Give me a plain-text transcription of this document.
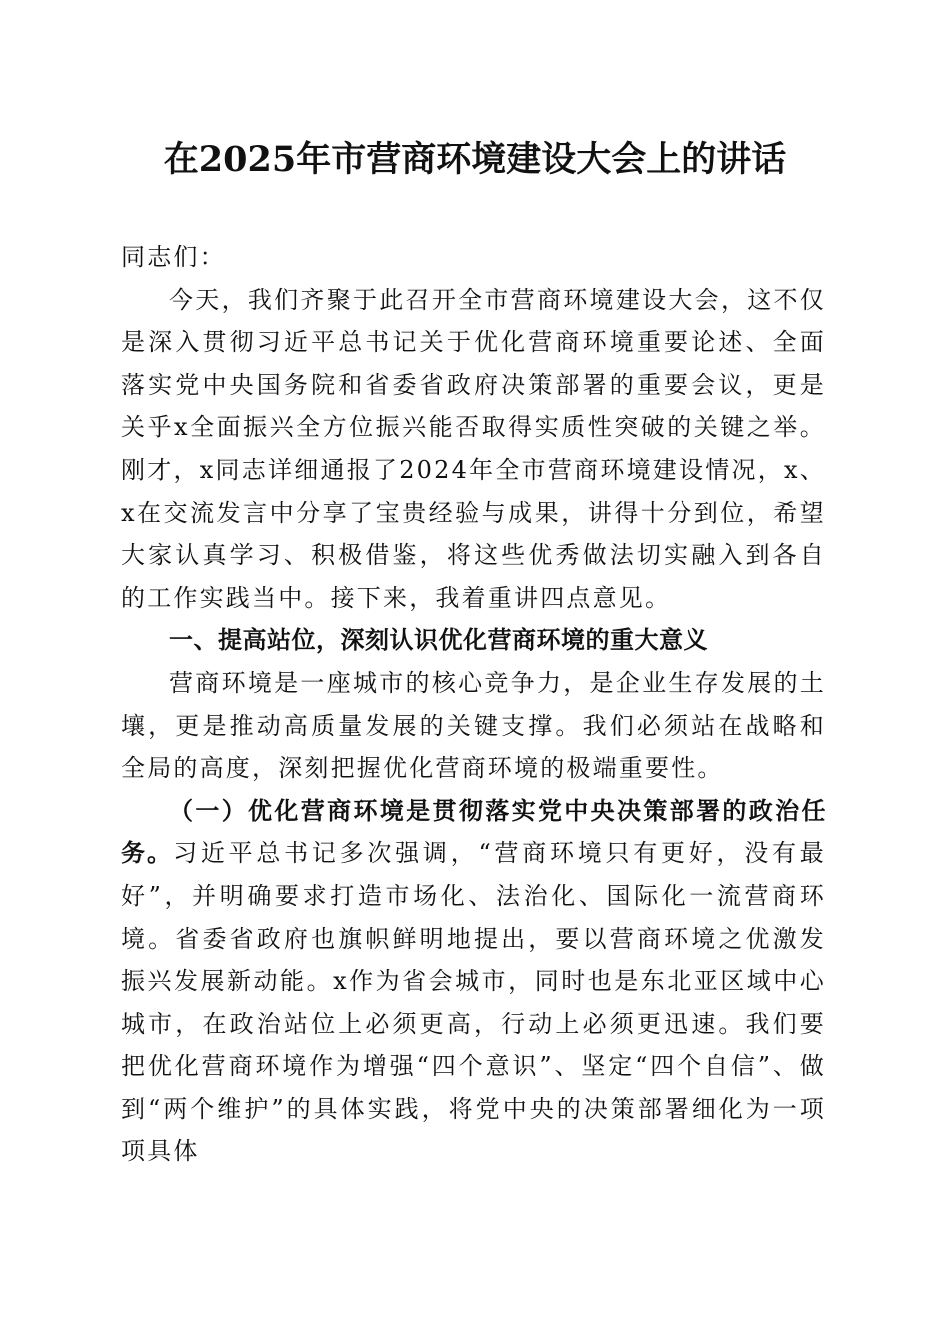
在2025年市营商环境建设大会上的讲话

同志们：

今天，我们齐聚于此召开全市营商环境建设大会，这不仅是深入贯彻习近平总书记关于优化营商环境重要论述、全面落实党中央国务院和省委省政府决策部署的重要会议，更是关乎x全面振兴全方位振兴能否取得实质性突破的关键之举。刚才，x同志详细通报了2024年全市营商环境建设情况，x、x在交流发言中分享了宝贵经验与成果，讲得十分到位，希望大家认真学习、积极借鉴，将这些优秀做法切实融入到各自的工作实践当中。接下来，我着重讲四点意见。

一、提高站位，深刻认识优化营商环境的重大意义

营商环境是一座城市的核心竞争力，是企业生存发展的土壤，更是推动高质量发展的关键支撑。我们必须站在战略和全局的高度，深刻把握优化营商环境的极端重要性。

（一）优化营商环境是贯彻落实党中央决策部署的政治任务。习近平总书记多次强调，“营商环境只有更好，没有最好”，并明确要求打造市场化、法治化、国际化一流营商环境。省委省政府也旗帜鲜明地提出，要以营商环境之优激发振兴发展新动能。x作为省会城市，同时也是东北亚区域中心城市，在政治站位上必须更高，行动上必须更迅速。我们要把优化营商环境作为增强“四个意识”、坚定“四个自信”、做到“两个维护”的具体实践，将党中央的决策部署细化为一项项具体
